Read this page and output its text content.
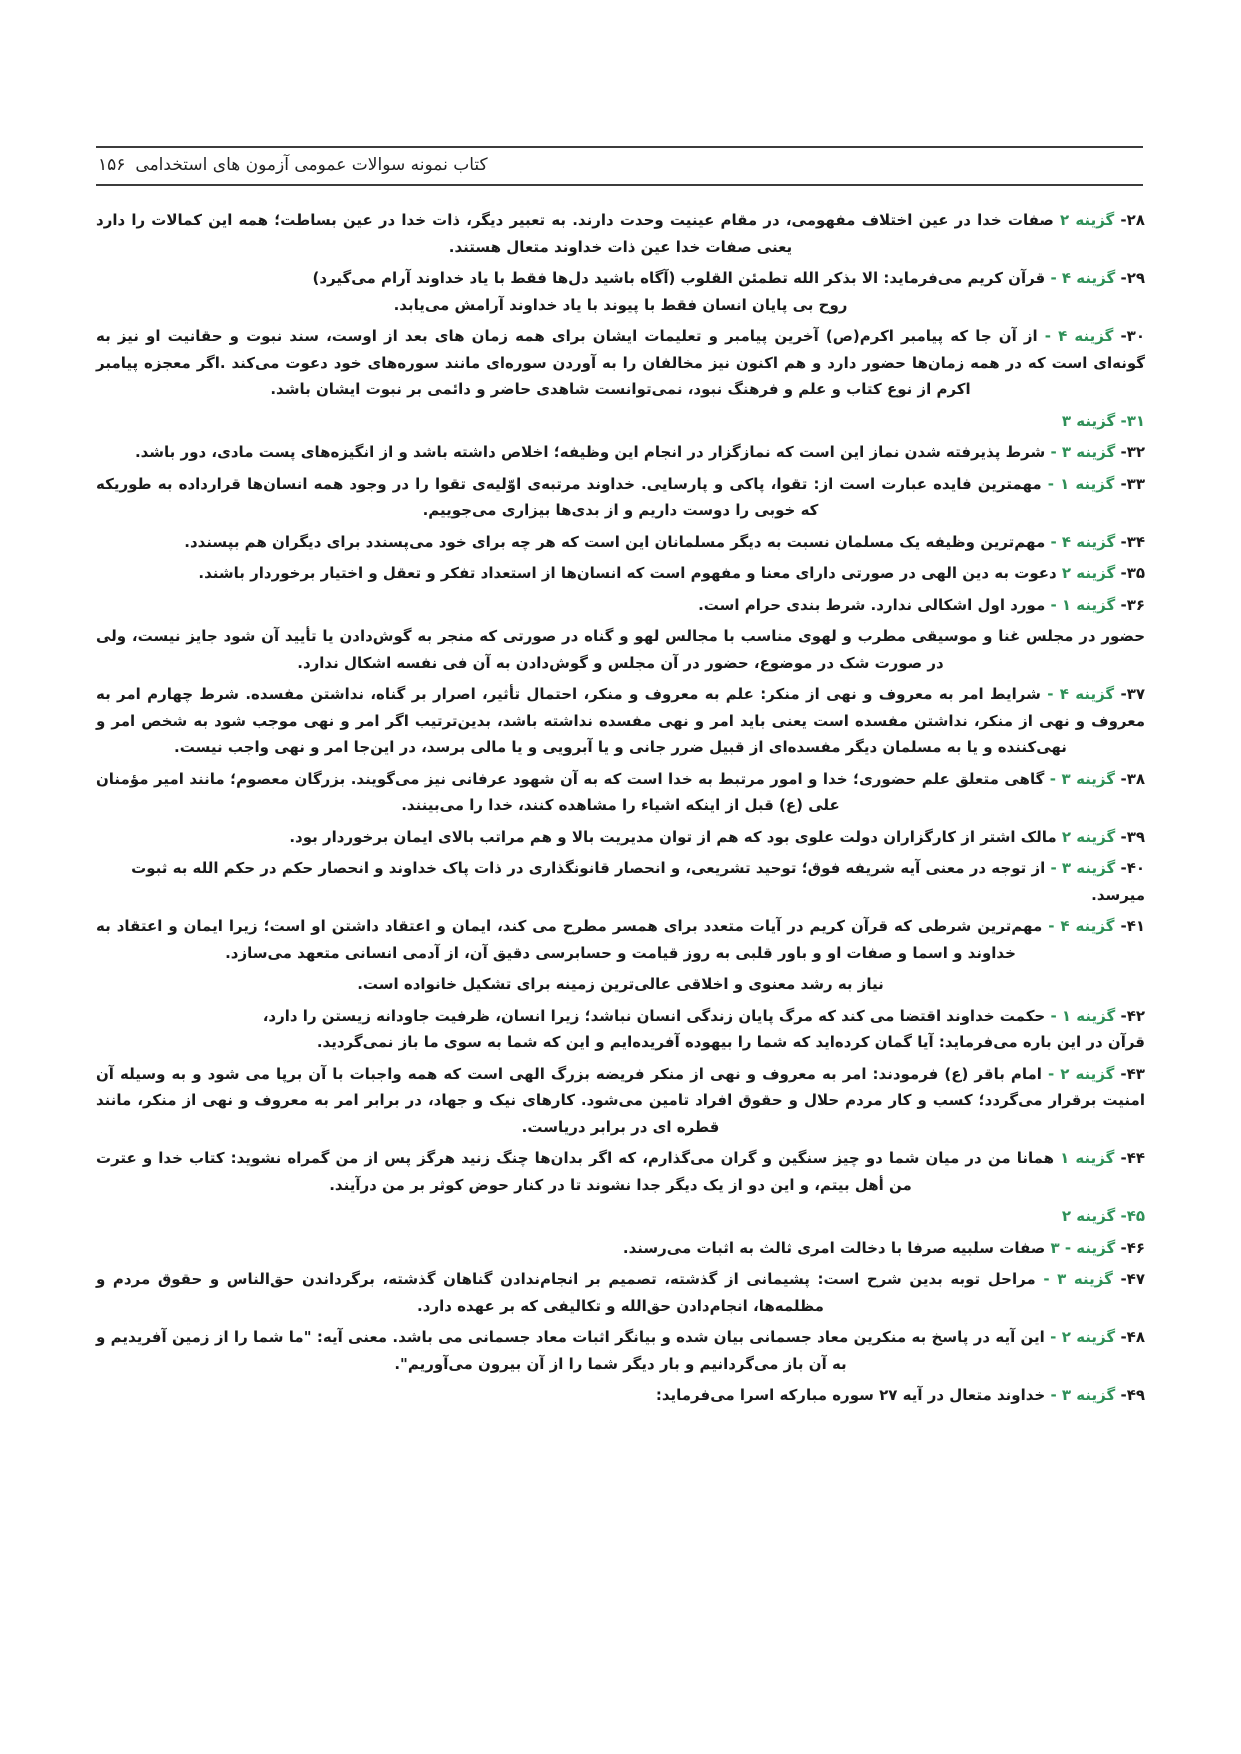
کتاب نمونه سوالات عمومی آزمون های استخدامی۱۵۶
۲۸- گزینه ۲ صفات خدا در عین اختلاف مفهومی، در مقام عینیت وحدت دارند. به تعبیر دیگر، ذات خدا در عین بساطت؛ همه این کمالات را دارد یعنی صفات خدا عین ذات خداوند متعال هستند.
۲۹- گزینه ۴ - قرآن کریم می‌فرماید: الا بذکر الله تطمئن القلوب (آگاه باشید دل‌ها فقط با یاد خداوند آرام می‌گیرد)
روح بی پایان انسان فقط با پیوند با یاد خداوند آرامش می‌یابد.
۳۰- گزینه ۴ - از آن جا که پیامبر اکرم(ص) آخرین پیامبر و تعلیمات ایشان برای همه زمان های بعد از اوست، سند نبوت و حقانیت او نیز به گونه‌ای است که در همه زمان‌ها حضور دارد و هم اکنون نیز مخالفان را به آوردن سوره‌ای مانند سوره‌های خود دعوت می‌کند .اگر معجزه پیامبر اکرم از نوع کتاب و علم و فرهنگ نبود، نمی‌توانست شاهدی حاضر و دائمی بر نبوت ایشان باشد.
۳۱- گزینه ۳
۳۲- گزینه ۳ - شرط پذیرفته شدن نماز این است که نمازگزار در انجام این وظیفه؛ اخلاص داشته باشد و از انگیزه‌های پست مادی، دور باشد.
۳۳- گزینه ۱ - مهمترین فایده عبارت است از: تقوا، پاکی و پارسایی. خداوند مرتبه‌ی اوّلیه‌ی تقوا را در وجود همه انسان‌ها قرارداده به طوریکه که خوبی را دوست داریم و از بدی‌ها بیزاری می‌جوییم.
۳۴- گزینه ۴ - مهم‌ترین وظیفه یک مسلمان نسبت به دیگر مسلمانان این است که هر چه برای خود می‌پسندد برای دیگران هم بپسندد.
۳۵- گزینه ۲ دعوت به دین الهی در صورتی دارای معنا و مفهوم است که انسان‌ها از استعداد تفکر و تعقل و اختیار برخوردار باشند.
۳۶- گزینه ۱ - مورد اول اشکالی ندارد. شرط بندی حرام است.
حضور در مجلس غنا و موسیقی مطرب و لهوی مناسب با مجالس لهو و گناه در صورتی که منجر به گوش‌دادن یا تأیید آن شود جایز نیست، ولی در صورت شک در موضوع، حضور در آن مجلس و گوش‌دادن به آن فی نفسه اشکال ندارد.
۳۷- گزینه ۴ - شرایط امر به معروف و نهی از منکر: علم به معروف و منکر، احتمال تأثیر، اصرار بر گناه، نداشتن مفسده. شرط چهارم امر به معروف و نهی از منکر، نداشتن مفسده است یعنی باید امر و نهی مفسده نداشته باشد، بدین‌ترتیب اگر امر و نهی موجب شود به شخص امر و نهی‌کننده و یا به مسلمان دیگر مفسده‌ای از قبیل ضرر جانی و یا آبرویی و یا مالی برسد، در این‌جا امر و نهی واجب نیست.
۳۸- گزینه ۳ - گاهی متعلق علم حضوری؛ خدا و امور مرتبط به خدا است که به آن شهود عرفانی نیز می‌گویند. بزرگان معصوم؛ مانند امیر مؤمنان علی (ع) قبل از اینکه اشیاء را مشاهده کنند، خدا را می‌بینند.
۳۹- گزینه ۲ مالک اشتر از کارگزاران دولت علوی بود که هم از توان مدیریت بالا و هم مراتب بالای ایمان برخوردار بود.
۴۰- گزینه ۳ - از توجه در معنی آیه شریفه فوق؛ توحید تشریعی، و انحصار قانونگذاری در ذات پاک خداوند و انحصار حکم در حکم الله به ثبوت میرسد.
۴۱- گزینه ۴ - مهم‌ترین شرطی که قرآن کریم در آیات متعدد برای همسر مطرح می کند، ایمان و اعتقاد داشتن او است؛ زیرا ایمان و اعتقاد به خداوند و اسما و صفات او و باور قلبی به روز قیامت و حسابرسی دقیق آن، از آدمی انسانی متعهد می‌سازد.
نیاز به رشد معنوی و اخلاقی عالی‌ترین زمینه برای تشکیل خانواده است.
۴۲- گزینه ۱ - حکمت خداوند اقتضا می کند که مرگ پایان زندگی انسان نباشد؛ زیرا انسان، ظرفیت جاودانه زیستن را دارد،
قرآن در این باره می‌فرماید: آیا گمان کرده‌اید که شما را بیهوده آفریده‌ایم و این که شما به سوی ما باز نمی‌گردید.
۴۳- گزینه ۲ - امام باقر (ع) فرمودند: امر به معروف و نهی از منکر فریضه بزرگ الهی است که همه واجبات با آن برپا می شود و به وسیله آن امنیت برقرار می‌گردد؛ کسب و کار مردم حلال و حقوق افراد تامین می‌شود. کارهای نیک و جهاد، در برابر امر به معروف و نهی از منکر، مانند قطره ای در برابر دریاست.
۴۴- گزینه ۱ همانا من در میان شما دو چیز سنگین و گران می‌گذارم، که اگر بدان‌ها چنگ زنید هرگز پس از من گمراه نشوید: کتاب خدا و عترت من أهل بیتم، و این دو از یک دیگر جدا نشوند تا در کنار حوض کوثر بر من درآیند.
۴۵- گزینه ۲
۴۶- گزینه - ۳ صفات سلبیه صرفا با دخالت امری ثالث به اثبات می‌رسند.
۴۷- گزینه ۳ - مراحل توبه بدین شرح است: پشیمانی از گذشته، تصمیم بر انجام‌ندادن گناهان گذشته، برگرداندن حق‌الناس و حقوق مردم و مظلمه‌ها، انجام‌دادن حق‌الله و تکالیفی که بر عهده دارد.
۴۸- گزینه ۲ - این آیه در پاسخ به منکرین معاد جسمانی بیان شده و بیانگر اثبات معاد جسمانی می باشد. معنی آیه: "ما شما را از زمین آفریدیم و به آن باز می‌گردانیم و بار دیگر شما را از آن بیرون می‌آوریم".
۴۹- گزینه ۳ - خداوند متعال در آیه ۲۷ سوره مبارکه اسرا می‌فرماید:
